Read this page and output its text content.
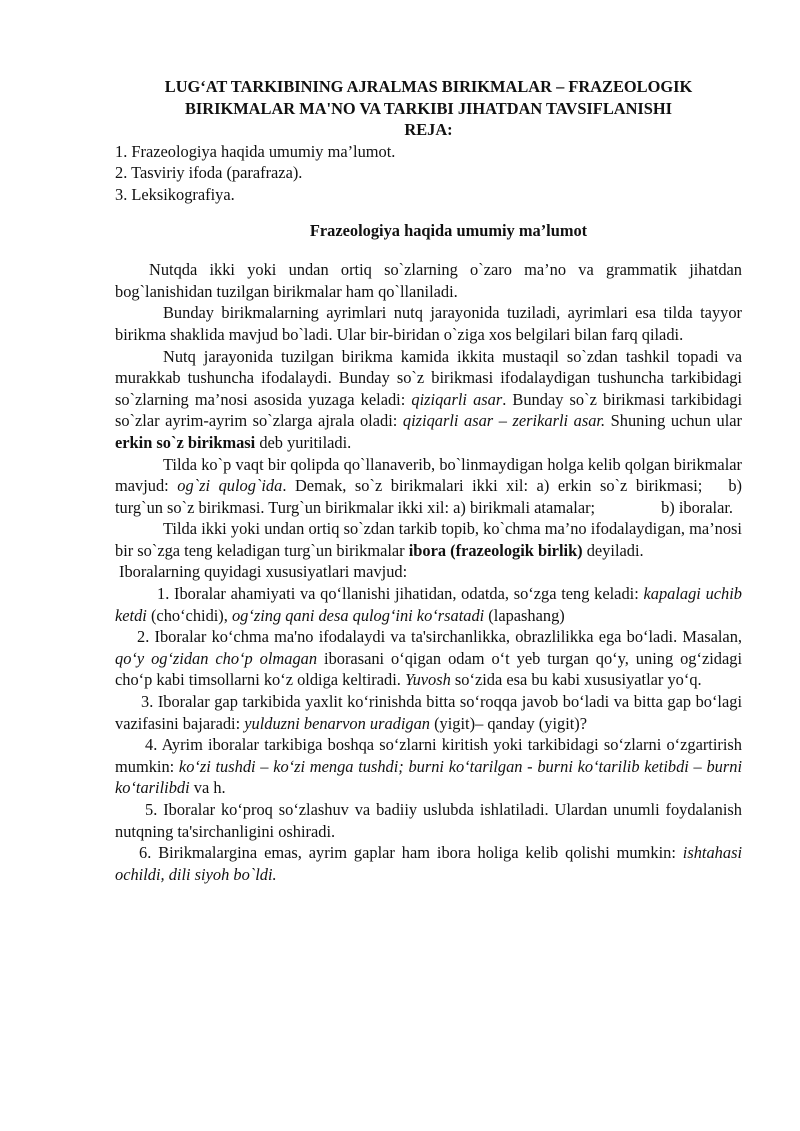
LUG‘AT TARKIBINING AJRALMAS BIRIKMALAR – FRAZEOLOGIK
BIRIKMALAR MA'NO VA TARKIBI JIHATDAN TAVSIFLANISHI
REJA:
1. Frazeologiya haqida umumiy ma’lumot.
2. Tasviriy ifoda (parafraza).
3. Leksikografiya.
Frazeologiya haqida umumiy ma’lumot

Nutqda ikki yoki undan ortiq so`zlarning o`zaro ma’no va grammatik jihatdan bog`lanishidan tuzilgan birikmalar ham qo`llaniladi.

Bunday birikmalarning ayrimlari nutq jarayonida tuziladi, ayrimlari esa tilda tayyor birikma shaklida mavjud bo`ladi. Ular bir-biridan o`ziga xos belgilari bilan farq qiladi.

Nutq jarayonida tuzilgan birikma kamida ikkita mustaqil so`zdan tashkil topadi va murakkab tushuncha ifodalaydi. Bunday so`z birikmasi ifodalaydigan tushuncha tarkibidagi so`zlarning ma’nosi asosida yuzaga keladi: qiziqarli asar. Bunday so`z birikmasi tarkibidagi so`zlar ayrim-ayrim so`zlarga ajrala oladi: qiziqarli asar – zerikarli asar. Shuning uchun ular erkin so`z birikmasi deb yuritiladi.

Tilda ko`p vaqt bir qolipda qo`llanaverib, bo`linmaydigan holga kelib qolgan birikmalar mavjud: og`zi qulog`ida. Demak, so`z birikmalari ikki xil: a) erkin so`z birikmasi; b) turg`un so`z birikmasi. Turg`un birikmalar ikki xil: a) birikmali atamalar;	b) iboralar.

Tilda ikki yoki undan ortiq so`zdan tarkib topib, ko`chma ma’no ifodalaydigan, ma’nosi bir so`zga teng keladigan turg`un birikmalar ibora (frazeologik birlik) deyiladi.

Iboralarning quyidagi xususiyatlari mavjud:

1. Iboralar ahamiyati va qo‘llanishi jihatidan, odatda, so‘zga teng keladi: kapalagi uchib ketdi (cho‘chidi), og‘zing qani desa qulog‘ini ko‘rsatadi (lapashang)

2. Iboralar ko‘chma ma'no ifodalaydi va ta'sirchanlikka, obrazlilikka ega bo‘ladi. Masalan, qo‘y og‘zidan cho‘p olmagan iborasani o‘qigan odam o‘t yeb turgan qo‘y, uning og‘zidagi cho‘p kabi timsollarni ko‘z oldiga keltiradi. Yuvosh so‘zida esa bu kabi xususiyatlar yo‘q.

3. Iboralar gap tarkibida yaxlit ko‘rinishda bitta so‘roqqa javob bo‘ladi va bitta gap bo‘lagi vazifasini bajaradi: yulduzni benarvon uradigan (yigit)– qanday (yigit)?

4. Ayrim iboralar tarkibiga boshqa so‘zlarni kiritish yoki tarkibidagi so‘zlarni o‘zgartirish mumkin: ko‘zi tushdi – ko‘zi menga tushdi; burni ko‘tarilgan - burni ko‘tarilib ketibdi – burni ko‘tarilibdi va h.

5. Iboralar ko‘proq so‘zlashuv va badiiy uslubda ishlatiladi. Ulardan unumli foydalanish nutqning ta'sirchanligini oshiradi.

6. Birikmalargina emas, ayrim gaplar ham ibora holiga kelib qolishi mumkin: ishtahasi ochildi, dili siyoh bo`ldi.
